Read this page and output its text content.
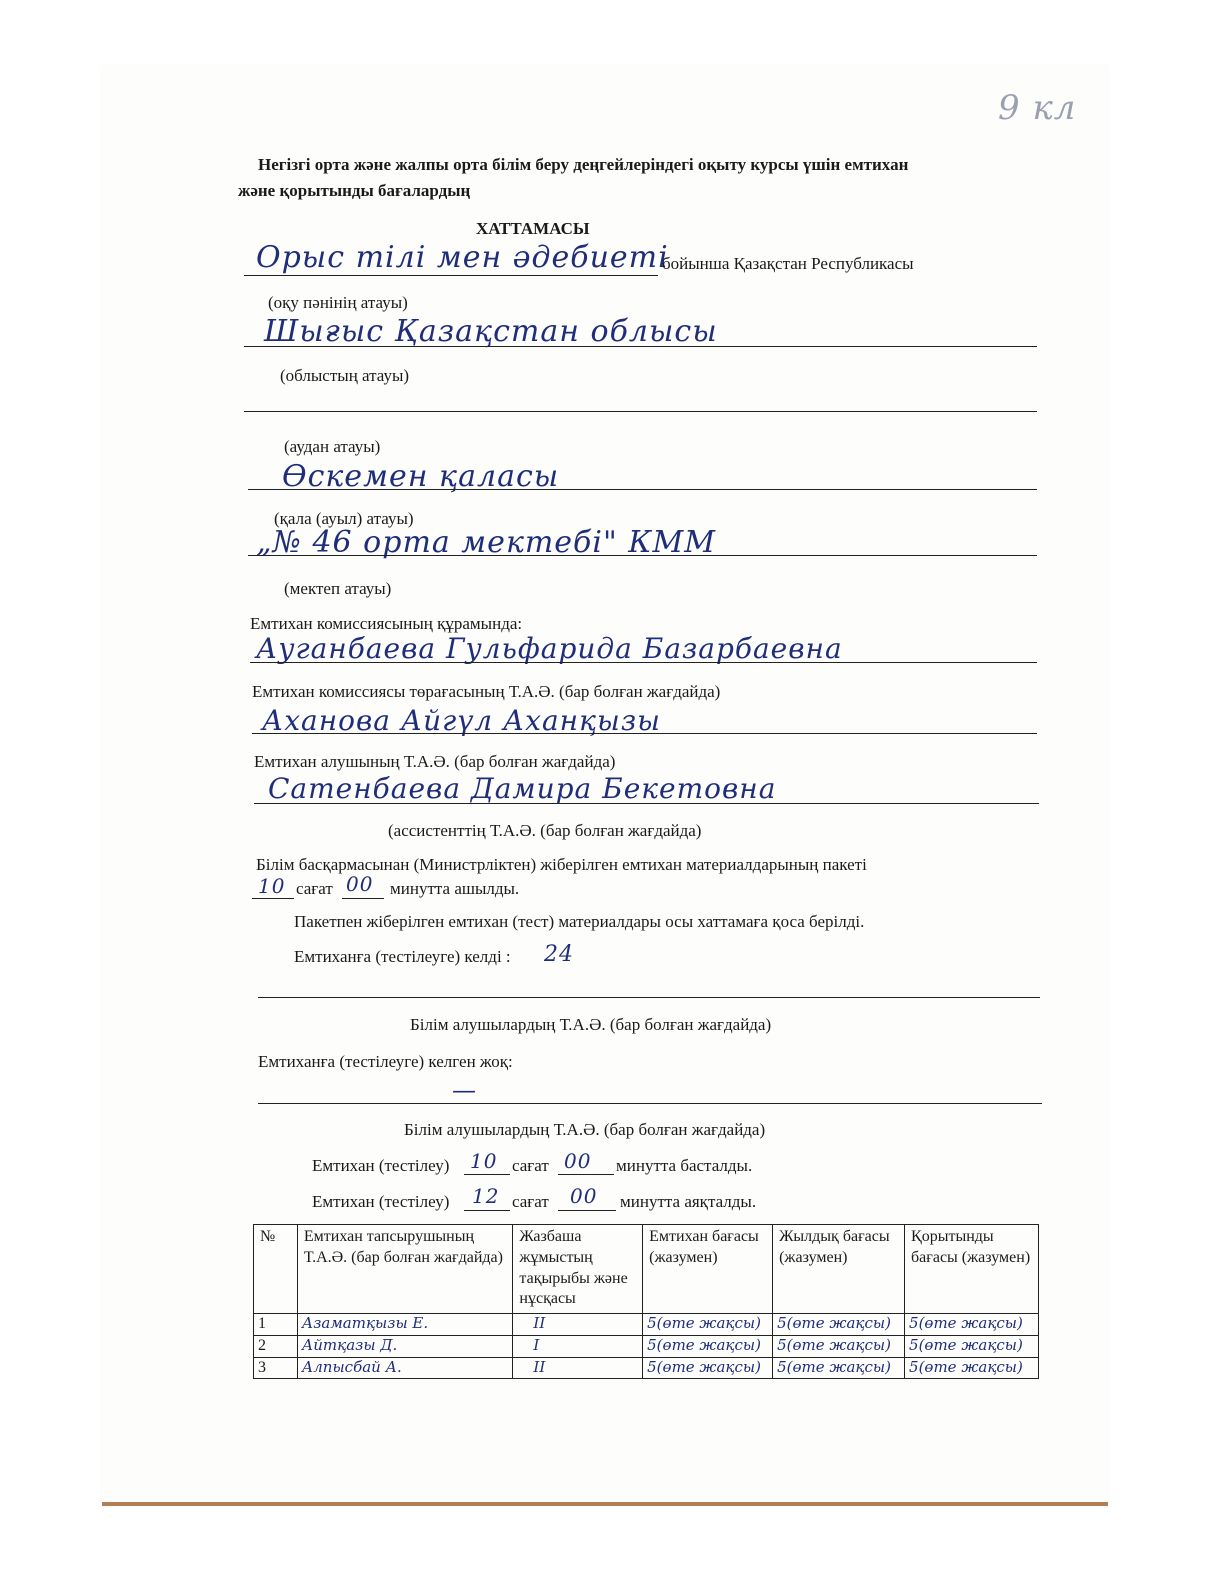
9 кл
Негізгі орта және жалпы орта білім беру деңгейлеріндегі оқыту курсы үшін емтихан
және қорытынды бағалардың
ХАТТАМАСЫ
Орыс тілі мен әдебиеті
бойынша Қазақстан Республикасы
(оқу пәнінің атауы)
Шығыс Қазақстан облысы
(облыстың атауы)
(аудан атауы)
Өскемен қаласы
(қала (ауыл) атауы)
„№ 46 орта мектебі" КММ
(мектеп атауы)
Емтихан комиссиясының құрамында:
Ауганбаева Гульфарида Базарбаевна
Емтихан комиссиясы төрағасының Т.А.Ә. (бар болған жағдайда)
Аханова Айгүл Аханқызы
Емтихан алушының Т.А.Ә. (бар болған жағдайда)
Сатенбаева Дамира Бекетовна
(ассистенттің Т.А.Ә. (бар болған жағдайда)
Білім басқармасынан (Министрліктен) жіберілген емтихан материалдарының пакеті
10 сағат 00 минутта ашылды.
Пакетпен жіберілген емтихан (тест) материалдары осы хаттамаға қоса берілді.
Емтиханға (тестілеуге) келді : 24
Білім алушылардың Т.А.Ә. (бар болған жағдайда)
Емтиханға (тестілеуге) келген жоқ:
—
Білім алушылардың Т.А.Ә. (бар болған жағдайда)
Емтихан (тестілеу) 10 сағат 00 минутта басталды.
Емтихан (тестілеу) 12 сағат 00 минутта аяқталды.
№	Емтихан тапсырушының Т.А.Ә. (бар болған жағдайда)	Жазбаша жұмыстың тақырыбы және нұсқасы	Емтихан бағасы (жазумен)	Жылдық бағасы (жазумен)	Қорытынды бағасы (жазумен)
1	Азаматқызы Е.	II	5(өте жақсы)	5(өте жақсы)	5(өте жақсы)
2	Айтқазы Д.	I	5(өте жақсы)	5(өте жақсы)	5(өте жақсы)
3	Алпысбай А.	II	5(өте жақсы)	5(өте жақсы)	5(өте жақсы)
